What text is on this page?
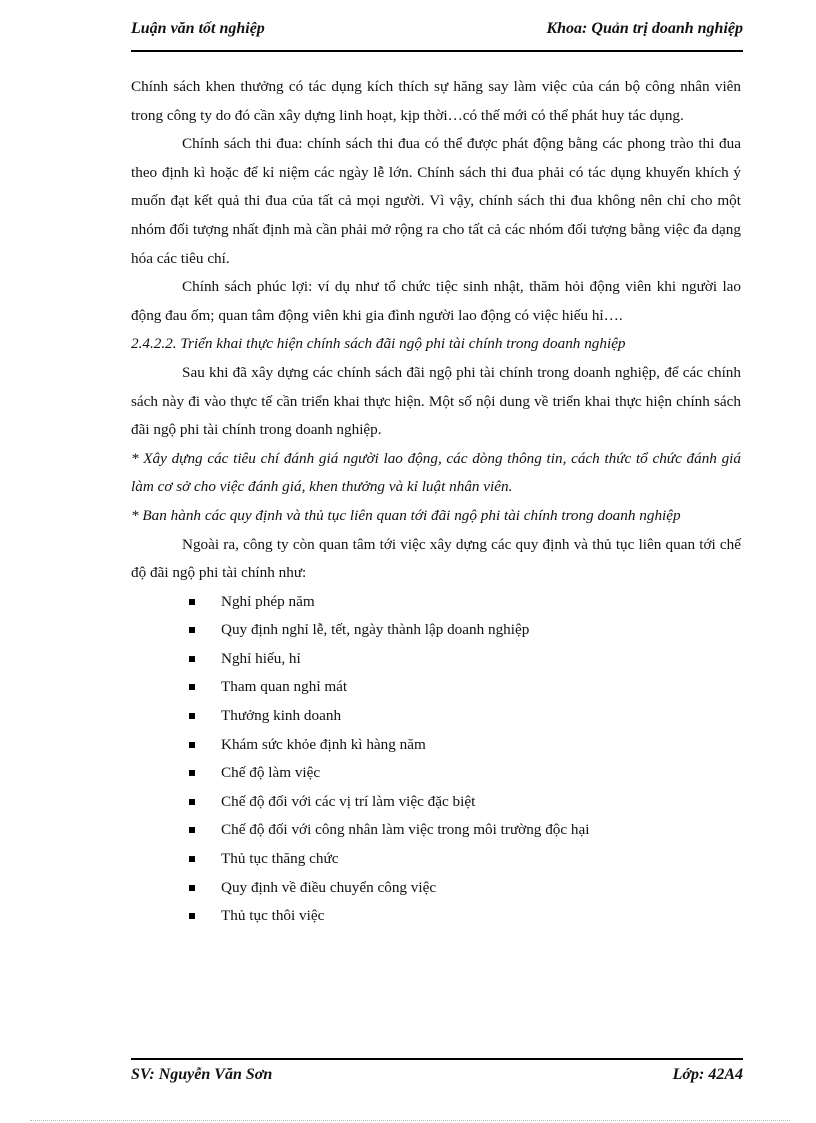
Luận văn tốt nghiệp	Khoa: Quản trị doanh nghiệp

Chính sách khen thưởng có tác dụng kích thích sự hăng say làm việc của cán bộ công nhân viên trong công ty do đó cần xây dựng linh hoạt, kịp thời…có thế mới có thể phát huy tác dụng.

Chính sách thi đua: chính sách thi đua có thể được phát động bằng các phong trào thi đua theo định kì hoặc để kỉ niệm các ngày lễ lớn. Chính sách thi đua phải có tác dụng khuyến khích ý muốn đạt kết quả thi đua của tất cả mọi người. Vì vậy, chính sách thi đua không nên chỉ cho một nhóm đối tượng nhất định mà cần phải mở rộng ra cho tất cả các nhóm đối tượng bằng việc đa dạng hóa các tiêu chí.

Chính sách phúc lợi: ví dụ như tổ chức tiệc sinh nhật, thăm hỏi động viên khi người lao động đau ốm; quan tâm động viên khi gia đình người lao động có việc hiếu hỉ….

2.4.2.2. Triển khai thực hiện chính sách đãi ngộ phi tài chính trong doanh nghiệp

Sau khi đã xây dựng các chính sách đãi ngộ phi tài chính trong doanh nghiệp, để các chính sách này đi vào thực tế cần triển khai thực hiện. Một số nội dung về triển khai thực hiện chính sách đãi ngộ phi tài chính trong doanh nghiệp.

* Xây dựng các tiêu chí đánh giá người lao động, các dòng thông tin, cách thức tổ chức đánh giá làm cơ sở cho việc đánh giá, khen thưởng và kỉ luật nhân viên.

* Ban hành các quy định và thủ tục liên quan tới đãi ngộ phi tài chính trong doanh nghiệp

Ngoài ra, công ty còn quan tâm tới việc xây dựng các quy định và thủ tục liên quan tới chế độ đãi ngộ phi tài chính như:

Nghỉ phép năm
Quy định nghỉ lễ, tết, ngày thành lập doanh nghiệp
Nghỉ hiếu, hỉ
Tham quan nghỉ mát
Thưởng kinh doanh
Khám sức khỏe định kì hàng năm
Chế độ làm việc
Chế độ đối với các vị trí làm việc đặc biệt
Chế độ đối với công nhân làm việc trong môi trường độc hại
Thủ tục thăng chức
Quy định về điều chuyển công việc
Thủ tục thôi việc
SV: Nguyễn Văn Sơn	Lớp: 42A4
